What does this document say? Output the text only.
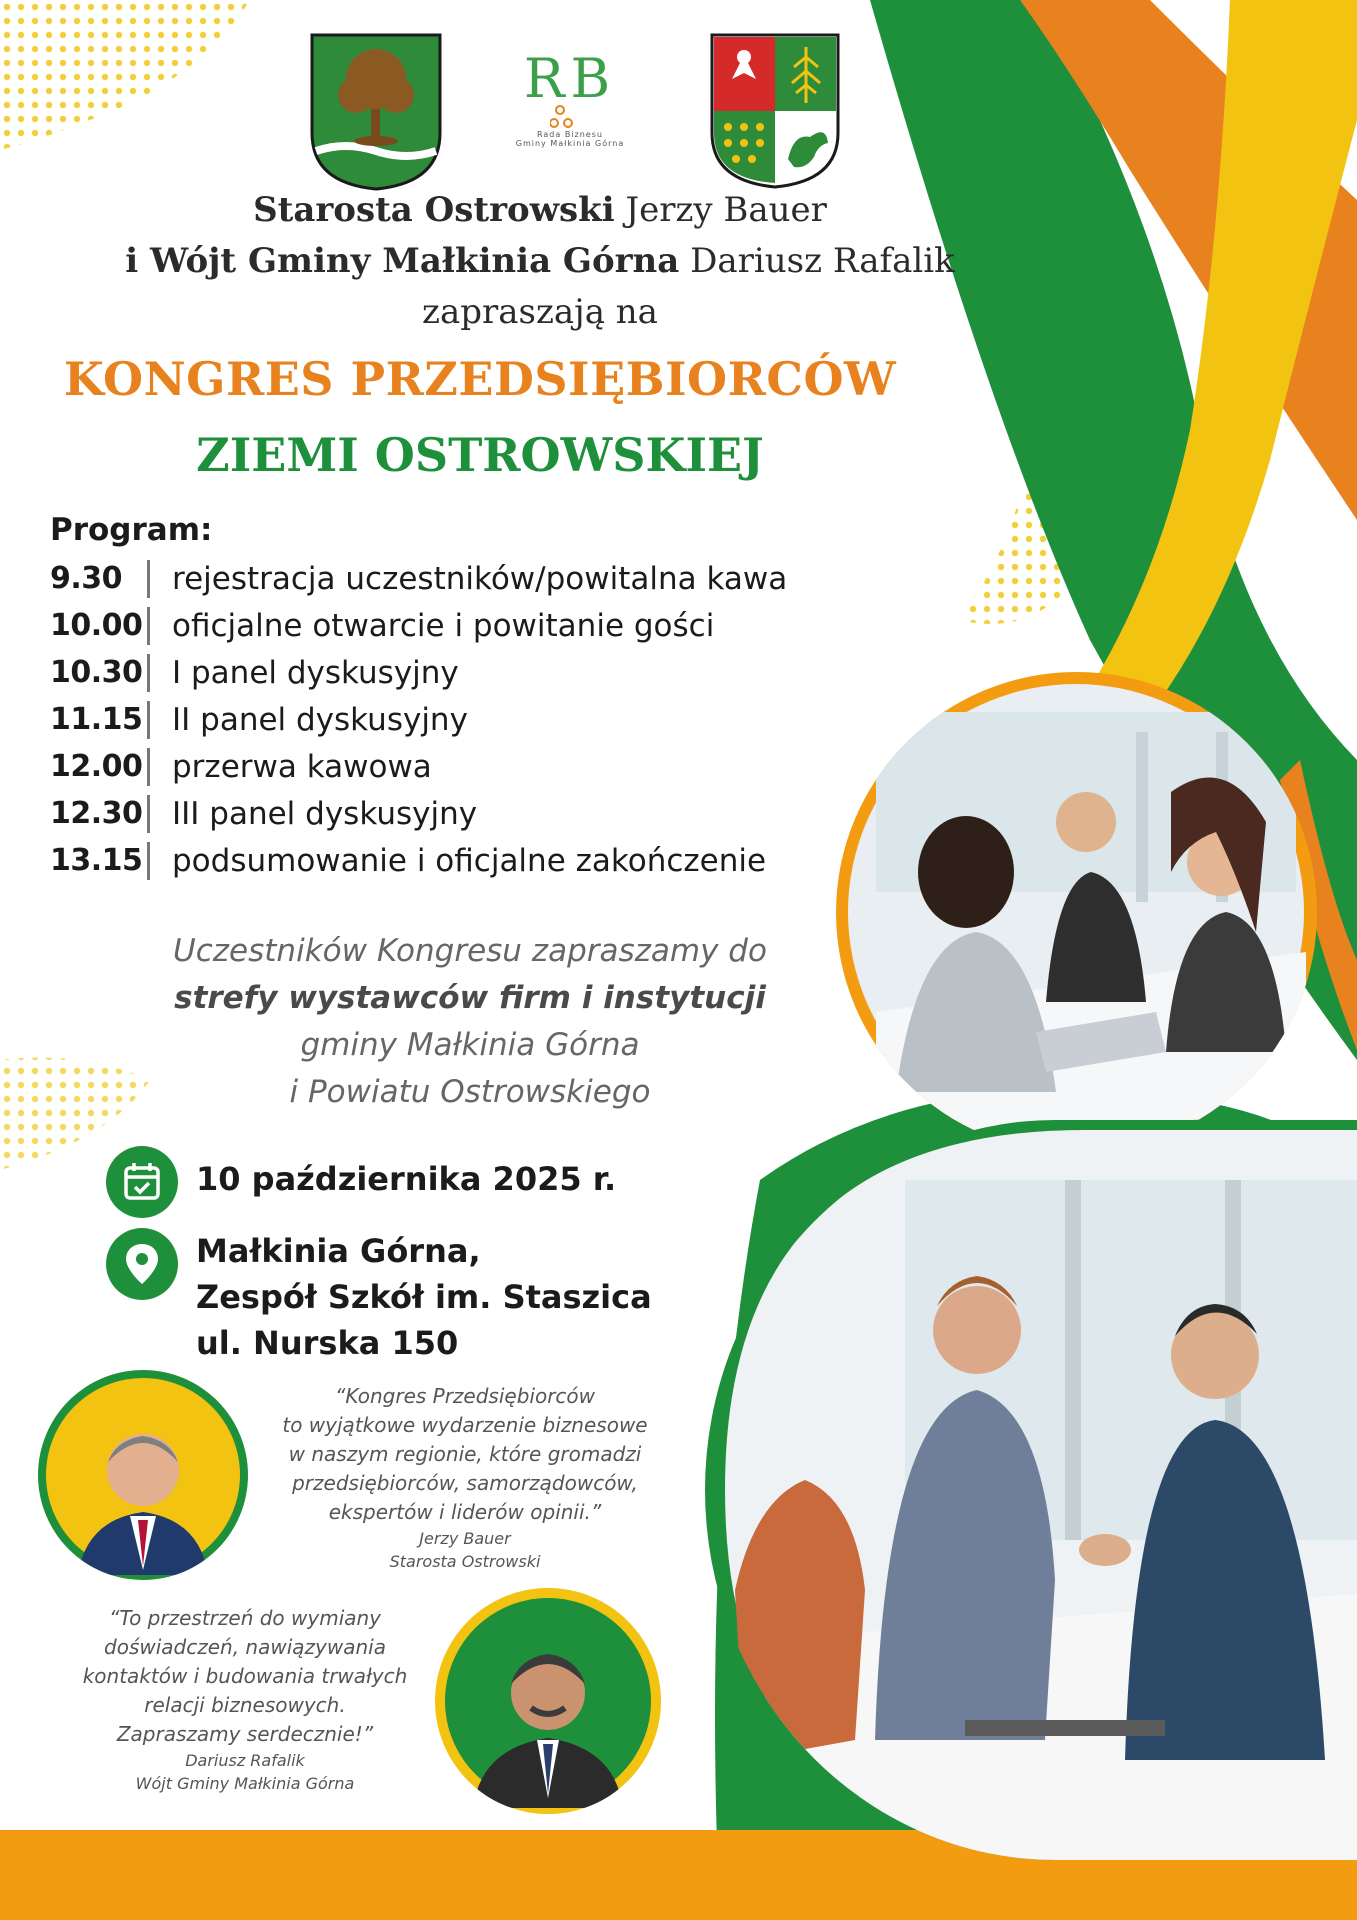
RB
Rada Biznesu
Gminy Małkinia Górna
Starosta Ostrowski Jerzy Bauer
i Wójt Gminy Małkinia Górna Dariusz Rafalik
zapraszają na
KONGRES PRZEDSIĘBIORCÓW
ZIEMI OSTROWSKIEJ
Program:
9.30	rejestracja uczestników/powitalna kawa
10.00 oficjalne otwarcie i powitanie gości
10.30 I panel dyskusyjny
11.15 II panel dyskusyjny
12.00 przerwa kawowa
12.30 III panel dyskusyjny
13.15 podsumowanie i oficjalne zakończenie
Uczestników Kongresu zapraszamy do
strefy wystawców firm i instytucji
gminy Małkinia Górna
i Powiatu Ostrowskiego
10 października 2025 r.
Małkinia Górna,
Zespół Szkół im. Staszica
ul. Nurska 150
“Kongres Przedsiębiorców
to wyjątkowe wydarzenie biznesowe
w naszym regionie, które gromadzi
przedsiębiorców, samorządowców,
ekspertów i liderów opinii.”
Jerzy Bauer
Starosta Ostrowski
“To przestrzeń do wymiany
doświadczeń, nawiązywania
kontaktów i budowania trwałych
relacji biznesowych.
Zapraszamy serdecznie!”
Dariusz Rafalik
Wójt Gminy Małkinia Górna
